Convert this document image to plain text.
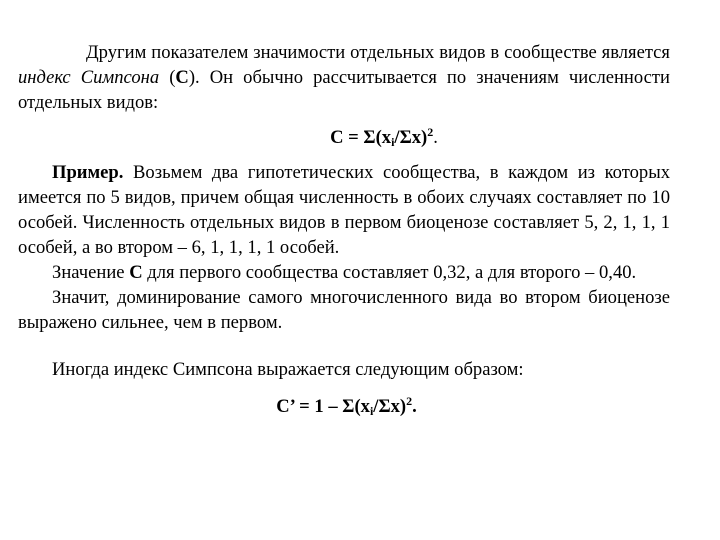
Другим показателем значимости отдельных видов в сообществе является индекс Симпсона (С). Он обычно рассчитывается по значениям численности отдельных видов:

$С = \Sigma(x_i/\Sigma x)^2$.

Пример. Возьмем два гипотетических сообщества, в каждом из которых имеется по 5 видов, причем общая численность в обоих случаях составляет по 10 особей. Численность отдельных видов в первом биоценозе составляет 5, 2, 1, 1, 1 особей, а во втором – 6, 1, 1, 1, 1 особей.

Значение С для первого сообщества составляет 0,32, а для второго – 0,40.

Значит, доминирование самого многочисленного вида во втором биоценозе выражено сильнее, чем в первом.

Иногда индекс Симпсона выражается следующим образом:

С’ = $1 - \Sigma(x_i/\Sigma x)^2$.
